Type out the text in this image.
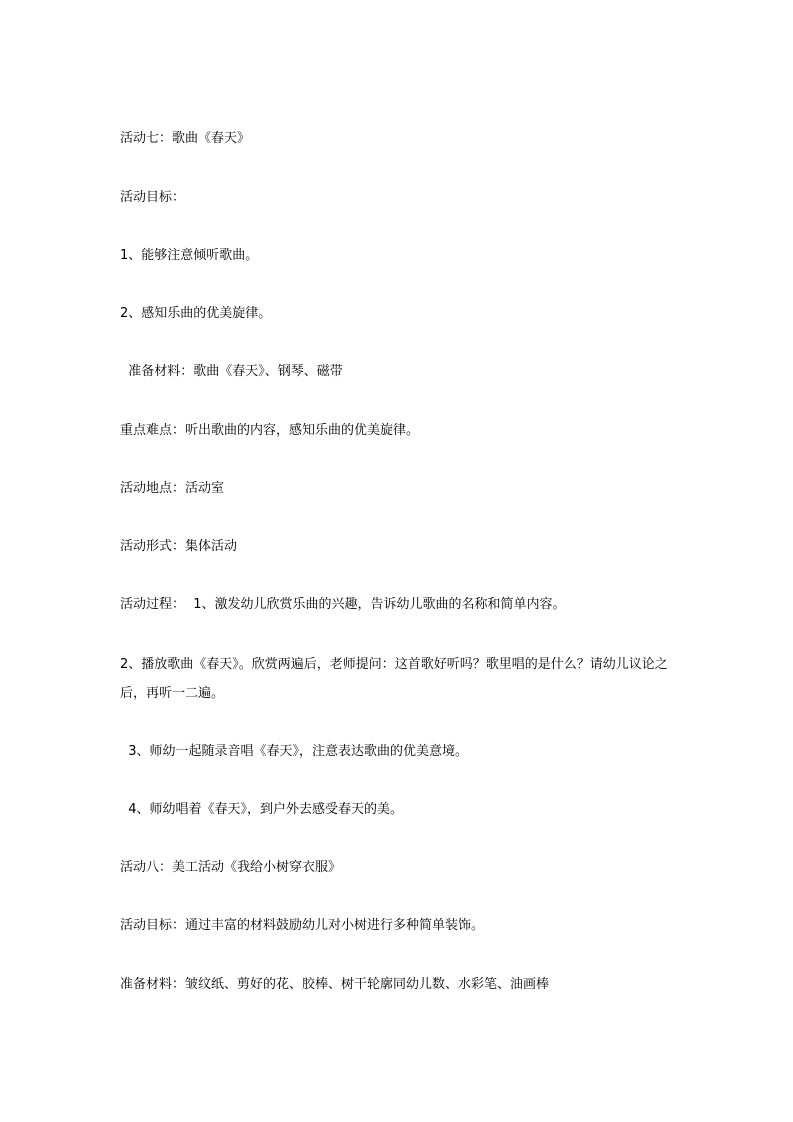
活动七：歌曲《春天》
活动目标：
1、能够注意倾听歌曲。
2、感知乐曲的优美旋律。
准备材料：歌曲《春天》、钢琴、磁带
重点难点：听出歌曲的内容，感知乐曲的优美旋律。
活动地点：活动室
活动形式：集体活动
活动过程：  1、激发幼儿欣赏乐曲的兴趣，告诉幼儿歌曲的名称和简单内容。
2、播放歌曲《春天》。欣赏两遍后，老师提问：这首歌好听吗？歌里唱的是什么？请幼儿议论之后，再听一二遍。
3、师幼一起随录音唱《春天》，注意表达歌曲的优美意境。
4、师幼唱着《春天》，到户外去感受春天的美。
活动八：美工活动《我给小树穿衣服》
活动目标：通过丰富的材料鼓励幼儿对小树进行多种简单装饰。
准备材料：皱纹纸、剪好的花、胶棒、树干轮廓同幼儿数、水彩笔、油画棒
